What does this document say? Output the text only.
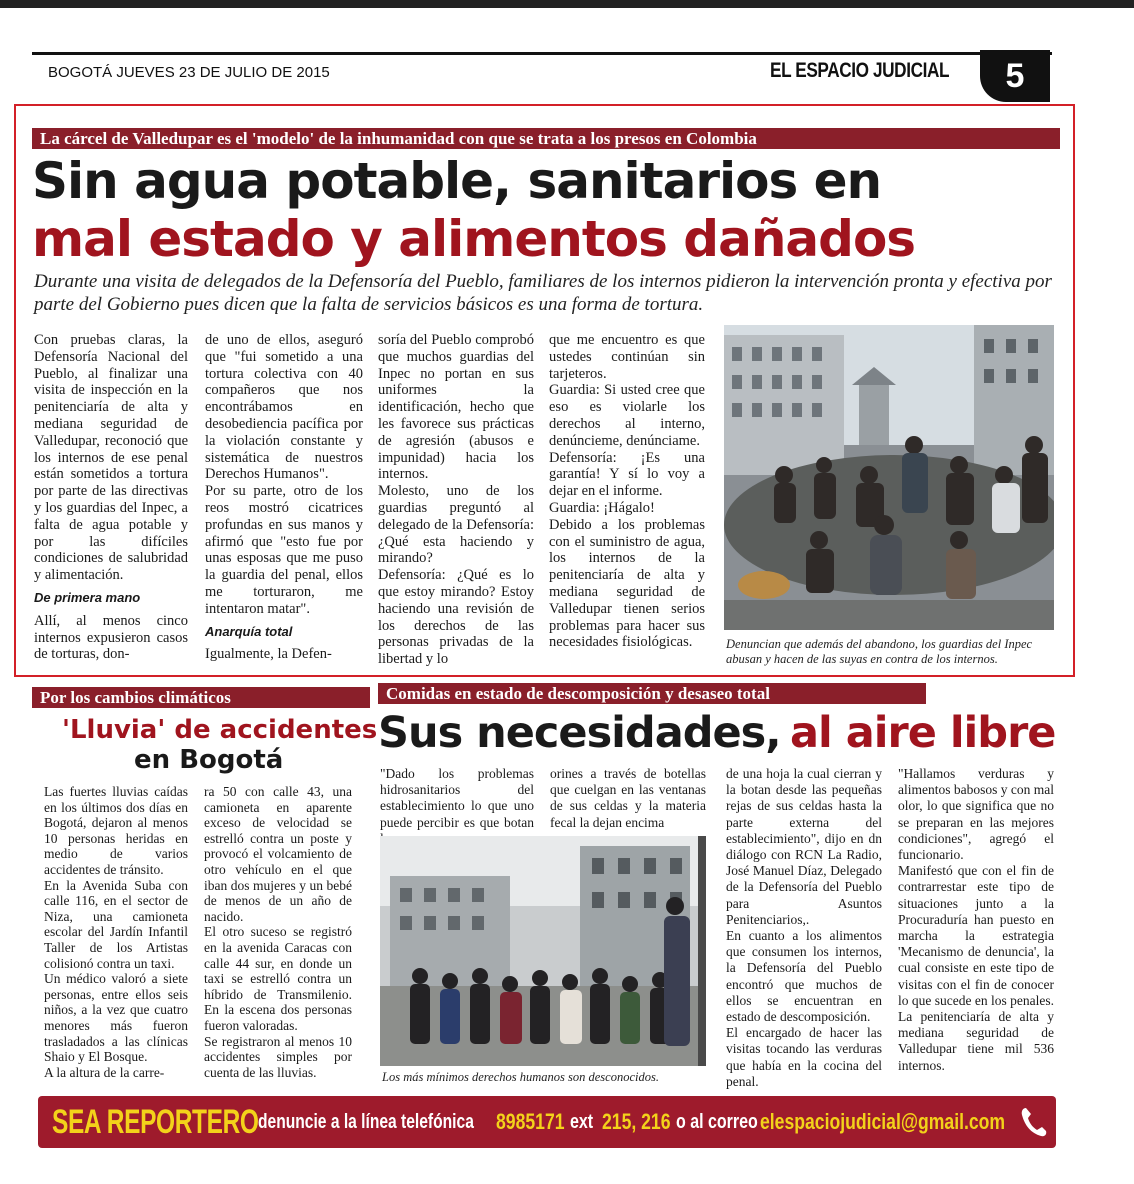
BOGOTÁ JUEVES 23 DE JULIO DE 2015	EL ESPACIO JUDICIAL	5
La cárcel de Valledupar es el 'modelo' de la inhumanidad con que se trata a los presos en Colombia
Sin agua potable, sanitarios en
mal estado y alimentos dañados
Durante una visita de delegados de la Defensoría del Pueblo, familiares de los internos pidieron la intervención pronta y efectiva por parte del Gobierno pues dicen que la falta de servicios básicos es una forma de tortura.

Con pruebas claras, la Defensoría Nacional del Pueblo, al finalizar una visita de inspección en la penitenciaría de alta y mediana seguridad de Valledupar, reconoció que los internos de ese penal están sometidos a tortura por parte de las directivas y los guardias del Inpec, a falta de agua potable y por las difíciles condiciones de salubridad y alimentación.

De primera mano

Allí, al menos cinco internos expusieron casos de torturas, don-

de uno de ellos, aseguró que "fui sometido a una tortura colectiva con 40 compañeros que nos encontrábamos en desobediencia pacífica por la violación constante y sistemática de nuestros Derechos Humanos".

Por su parte, otro de los reos mostró cicatrices profundas en sus manos y afirmó que "esto fue por unas esposas que me puso la guardia del penal, ellos me torturaron, me intentaron matar".

Anarquía total

Igualmente, la Defen-

soría del Pueblo comprobó que muchos guardias del Inpec no portan en sus uniformes la identificación, hecho que les favorece sus prácticas de agresión (abusos e impunidad) hacia los internos.

Molesto, uno de los guardias preguntó al delegado de la Defensoría: ¿Qué esta haciendo y mirando?

Defensoría: ¿Qué es lo que estoy mirando? Estoy haciendo una revisión de los derechos de las personas privadas de la libertad y lo

que me encuentro es que ustedes continúan sin tarjeteros.

Guardia: Si usted cree que eso es violarle los derechos al interno, denúncieme, denúnciame.

Defensoría: ¡Es una garantía! Y sí lo voy a dejar en el informe.

Guardia: ¡Hágalo!

Debido a los problemas con el suministro de agua, los internos de la penitenciaría de alta y mediana seguridad de Valledupar tienen serios problemas para hacer sus necesidades fisiológicas.	Denuncian que además del abandono, los guardias del Inpec abusan y hacen de las suyas en contra de los internos.
Por los cambios climáticos
'Lluvia' de accidentes
en Bogotá

Las fuertes lluvias caídas en los últimos dos días en Bogotá, dejaron al menos 10 personas heridas en medio de varios accidentes de tránsito.

En la Avenida Suba con calle 116, en el sector de Niza, una camioneta escolar del Jardín Infantil Taller de los Artistas colisionó contra un taxi.

Un médico valoró a siete personas, entre ellos seis niños, a la vez que cuatro menores más fueron trasladados a las clínicas Shaio y El Bosque.

A la altura de la carre-

ra 50 con calle 43, una camioneta en aparente exceso de velocidad se estrelló contra un poste y provocó el volcamiento de otro vehículo en el que iban dos mujeres y un bebé de menos de un año de nacido.

El otro suceso se registró en la avenida Caracas con calle 44 sur, en donde un taxi se estrelló contra un híbrido de Transmilenio. En la escena dos personas fueron valoradas.

Se registraron al menos 10 accidentes simples por cuenta de las lluvias.

Comidas en estado de descomposición y desaseo total
Sus necesidades, al aire libre

"Dado los problemas hidrosanitarios del establecimiento lo que uno puede percibir es que botan

orines a través de botellas que cuelgan en las ventanas de sus celdas y la materia fecal la dejan encima

Los más mínimos derechos humanos son desconocidos.

de una hoja la cual cierran y la botan desde las pequeñas rejas de sus celdas hasta la parte externa del establecimiento", dijo en dn diálogo con RCN La Radio, José Manuel Díaz, Delegado de la Defensoría del Pueblo para Asuntos Penitenciarios,.

En cuanto a los alimentos que consumen los internos, la Defensoría del Pueblo encontró que muchos de ellos se encuentran en estado de descomposición.

El encargado de hacer las visitas tocando las verduras que había en la cocina del penal.

"Hallamos verduras y alimentos babosos y con mal olor, lo que significa que no se preparan en las mejores condiciones", agregó el funcionario.

Manifestó que con el fin de contrarrestar este tipo de situaciones junto a la Procuraduría han puesto en marcha la estrategia 'Mecanismo de denuncia', la cual consiste en este tipo de visitas con el fin de conocer lo que sucede en los penales.

La penitenciaría de alta y mediana seguridad de Valledupar tiene mil 536 internos.

SEA REPORTERO denuncie a la línea telefónica 8985171 ext 215, 216 o al correo elespaciojudicial@gmail.com
